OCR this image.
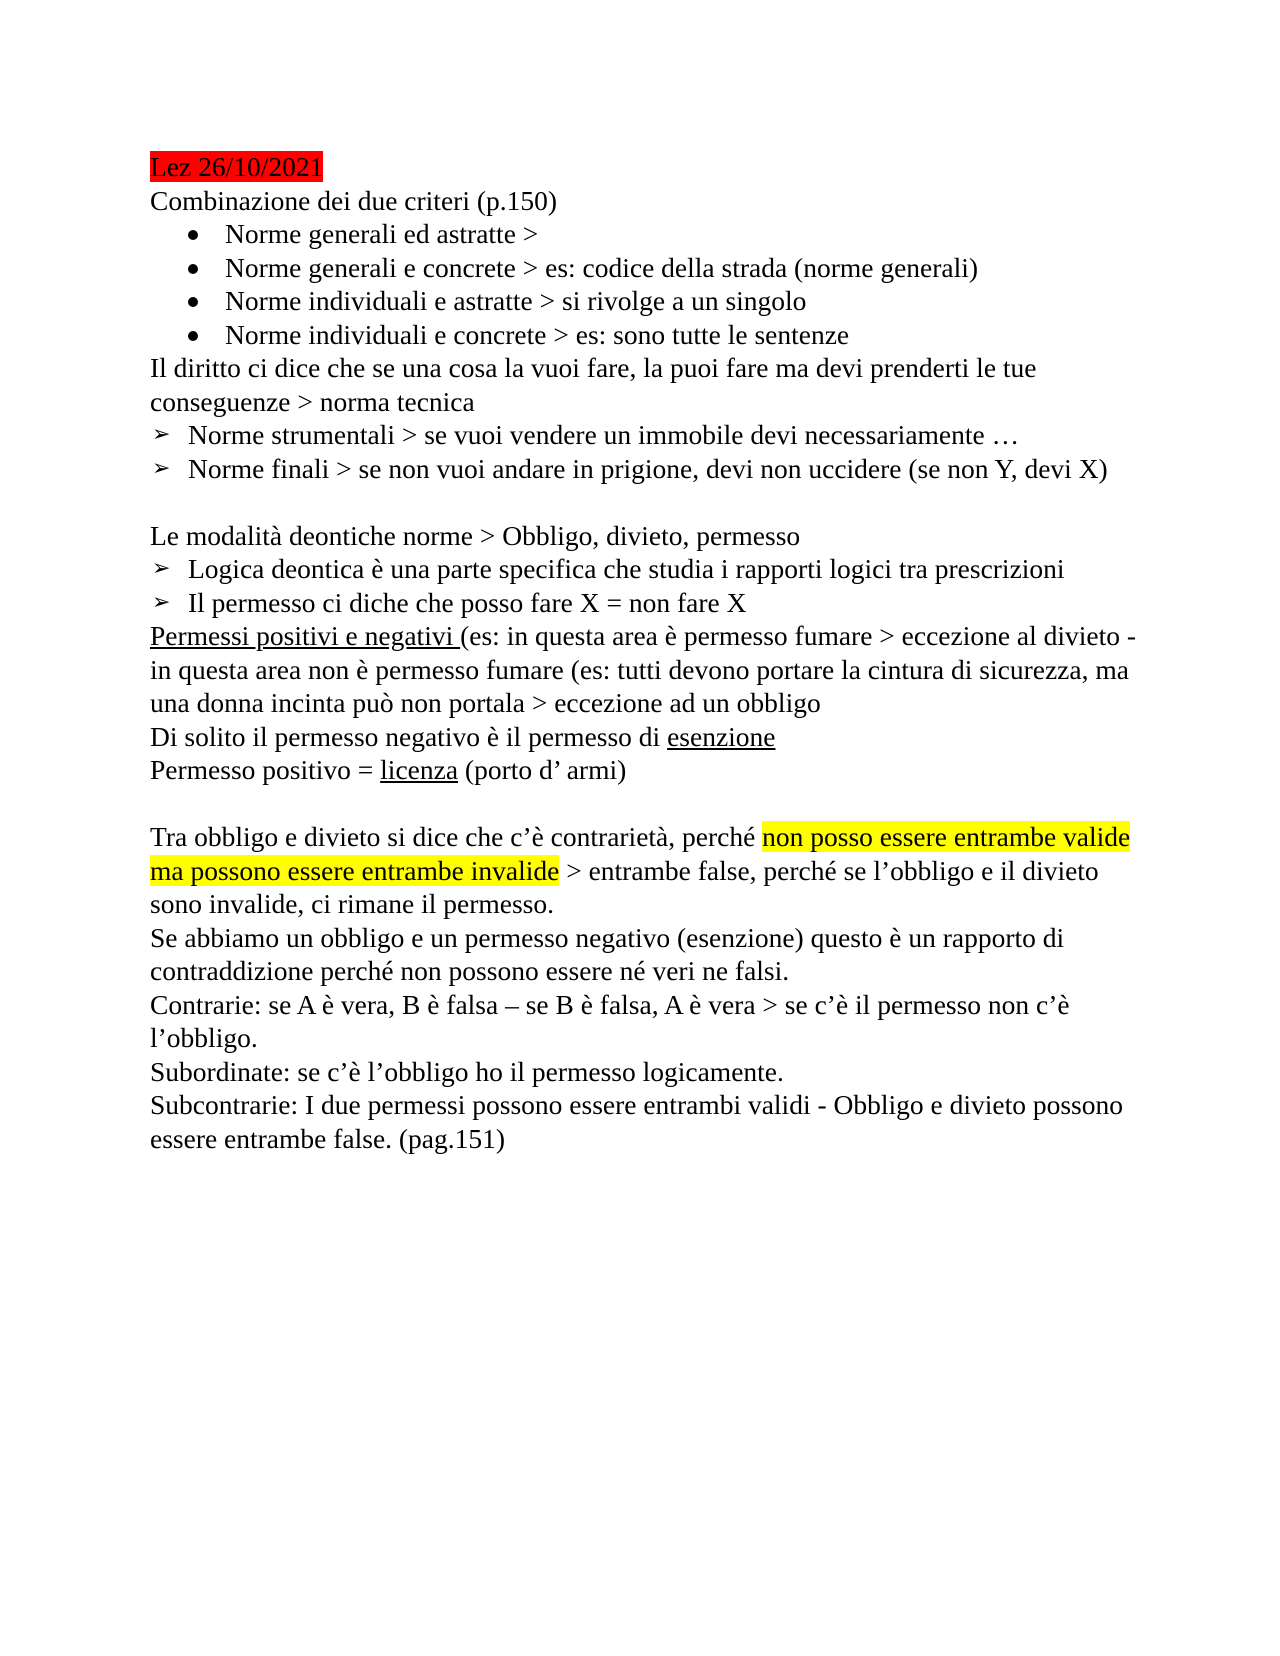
Lez 26/10/2021

Combinazione dei due criteri (p.150)

Norme generali ed astratte >
Norme generali e concrete > es: codice della strada (norme generali)
Norme individuali e astratte > si rivolge a un singolo
Norme individuali e concrete > es: sono tutte le sentenze

Il diritto ci dice che se una cosa la vuoi fare, la puoi fare ma devi prenderti le tue conseguenze > norma tecnica

➢ Norme strumentali > se vuoi vendere un immobile devi necessariamente …
➢ Norme finali > se non vuoi andare in prigione, devi non uccidere (se non Y, devi X)

Le modalità deontiche norme > Obbligo, divieto, permesso

➢ Logica deontica è una parte specifica che studia i rapporti logici tra prescrizioni
➢ Il permesso ci diche che posso fare X = non fare X

Permessi positivi e negativi (es: in questa area è permesso fumare > eccezione al divieto - in questa area non è permesso fumare (es: tutti devono portare la cintura di sicurezza, ma una donna incinta può non portala > eccezione ad un obbligo

Di solito il permesso negativo è il permesso di esenzione

Permesso positivo = licenza (porto d’ armi)

Tra obbligo e divieto si dice che c’è contrarietà, perché non posso essere entrambe valide ma possono essere entrambe invalide > entrambe false, perché se l’obbligo e il divieto sono invalide, ci rimane il permesso.

Se abbiamo un obbligo e un permesso negativo (esenzione) questo è un rapporto di contraddizione perché non possono essere né veri ne falsi.

Contrarie: se A è vera, B è falsa – se B è falsa, A è vera > se c’è il permesso non c’è l’obbligo.

Subordinate: se c’è l’obbligo ho il permesso logicamente.

Subcontrarie: I due permessi possono essere entrambi validi - Obbligo e divieto possono essere entrambe false. (pag.151)
